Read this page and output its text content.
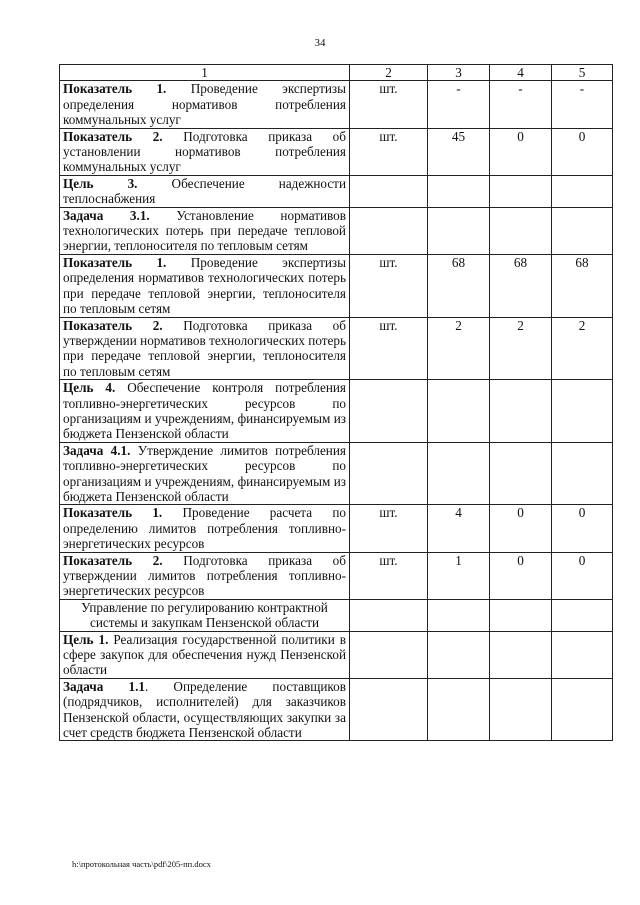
34
1	2	3	4	5
Показатель 1. Проведение экспертизы определения нормативов потребления коммунальных услуг	шт.	-	-	-
Показатель 2. Подготовка приказа об установлении нормативов потребления коммунальных услуг	шт.	45	0	0
Цель 3. Обеспечение надежности теплоснабжения				
Задача 3.1. Установление нормативов технологических потерь при передаче тепловой энергии, теплоносителя по тепловым сетям				
Показатель 1. Проведение экспертизы определения нормативов технологических потерь при передаче тепловой энергии, теплоносителя по тепловым сетям	шт.	68	68	68
Показатель 2. Подготовка приказа об утверждении нормативов технологических потерь при передаче тепловой энергии, теплоносителя по тепловым сетям	шт.	2	2	2
Цель 4. Обеспечение контроля потребления топливно-энергетических ресурсов по организациям и учреждениям, финансируемым из бюджета Пензенской области				
Задача 4.1. Утверждение лимитов потребления топливно-энергетических ресурсов по организациям и учреждениям, финансируемым из бюджета Пензенской области				
Показатель 1. Проведение расчета по определению лимитов потребления топливно-энергетических ресурсов	шт.	4	0	0
Показатель 2. Подготовка приказа об утверждении лимитов потребления топливно-энергетических ресурсов	шт.	1	0	0
Управление по регулированию контрактной системы и закупкам Пензенской области				
Цель 1. Реализация государственной политики в сфере закупок для обеспечения нужд Пензенской области				
Задача 1.1. Определение поставщиков (подрядчиков, исполнителей) для заказчиков Пензенской области, осуществляющих закупки за счет средств бюджета Пензенской области				
h:\протокольная часть\pdf\205-пп.docx
